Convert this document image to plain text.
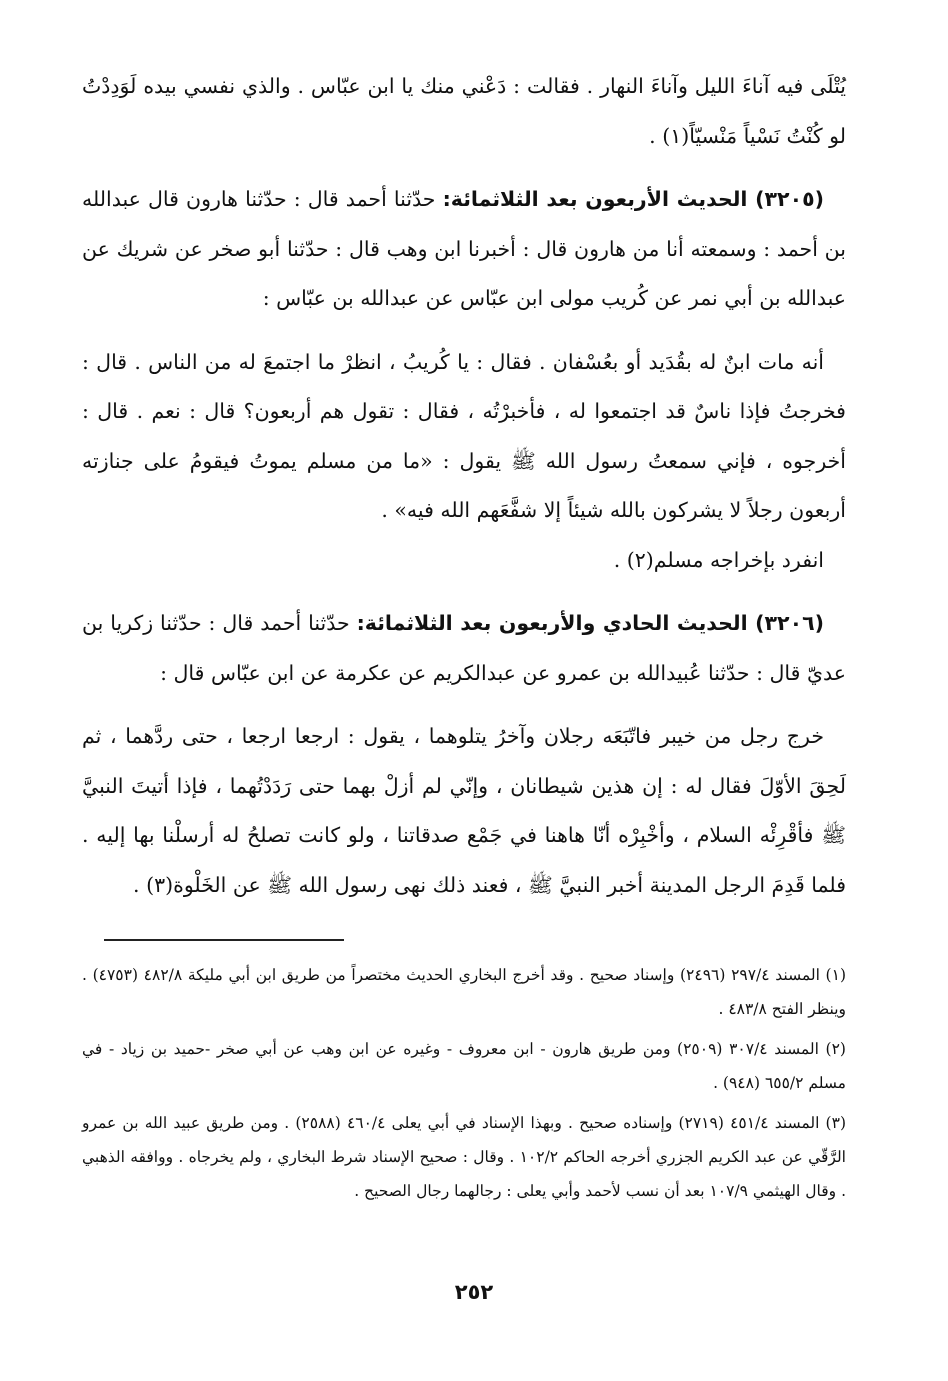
يُتْلَى فيه آناءَ الليل وآناءَ النهار . فقالت : دَعْني منك يا ابن عبّاس . والذي نفسي بيده لَوَدِدْتُ لو كُنْتُ نَسْياً مَنْسيّاً(١) .

(٣٢٠٥) الحديث الأربعون بعد الثلاثمائة: حدّثنا أحمد قال : حدّثنا هارون قال عبدالله بن أحمد : وسمعته أنا من هارون قال : أخبرنا ابن وهب قال : حدّثنا أبو صخر عن شريك عن عبدالله بن أبي نمر عن كُريب مولى ابن عبّاس عن عبدالله بن عبّاس :

أنه مات ابنٌ له بقُدَيد أو بعُسْفان . فقال : يا كُريبُ ، انظرْ ما اجتمعَ له من الناس . قال : فخرجتُ فإذا ناسٌ قد اجتمعوا له ، فأخبرْتُه ، فقال : تقول هم أربعون؟ قال : نعم . قال : أخرجوه ، فإني سمعتُ رسول الله ﷺ يقول : «ما من مسلم يموتُ فيقومُ على جنازته أربعون رجلاً لا يشركون بالله شيئاً إلا شفَّعَهم الله فيه» .

انفرد بإخراجه مسلم(٢) .

(٣٢٠٦) الحديث الحادي والأربعون بعد الثلاثمائة: حدّثنا أحمد قال : حدّثنا زكريا بن عديّ قال : حدّثنا عُبيدالله بن عمرو عن عبدالكريم عن عكرمة عن ابن عبّاس قال :

خرج رجل من خيبر فاتّبَعَه رجلان وآخرُ يتلوهما ، يقول : ارجعا ارجعا ، حتى ردَّهما ، ثم لَحِقَ الأوّلَ فقال له : إن هذين شيطانان ، وإنّي لم أزلْ بهما حتى رَدَدْتُهما ، فإذا أتيتَ النبيَّ ﷺ فأقْرِئْه السلام ، وأخْبِرْه أنّا هاهنا في جَمْع صدقاتنا ، ولو كانت تصلحُ له أرسلْنا بها إليه . فلما قَدِمَ الرجل المدينة أخبر النبيَّ ﷺ ، فعند ذلك نهى رسول الله ﷺ عن الخَلْوة(٣) .

(١) المسند ٢٩٧/٤ (٢٤٩٦) وإسناد صحيح . وقد أخرج البخاري الحديث مختصراً من طريق ابن أبي مليكة ٤٨٢/٨ (٤٧٥٣) . وينظر الفتح ٤٨٣/٨ .

(٢) المسند ٣٠٧/٤ (٢٥٠٩) ومن طريق هارون - ابن معروف - وغيره عن ابن وهب عن أبي صخر -حميد بن زياد - في مسلم ٦٥٥/٢ (٩٤٨) .

(٣) المسند ٤٥١/٤ (٢٧١٩) وإسناده صحيح . وبهذا الإسناد في أبي يعلى ٤٦٠/٤ (٢٥٨٨) . ومن طريق عبيد الله بن عمرو الرَّقّي عن عبد الكريم الجزري أخرجه الحاكم ١٠٢/٢ . وقال : صحيح الإسناد شرط البخاري ، ولم يخرجاه . ووافقه الذهبي . وقال الهيثمي ١٠٧/٩ بعد أن نسب لأحمد وأبي يعلى : رجالهما رجال الصحيح .

٢٥٢
